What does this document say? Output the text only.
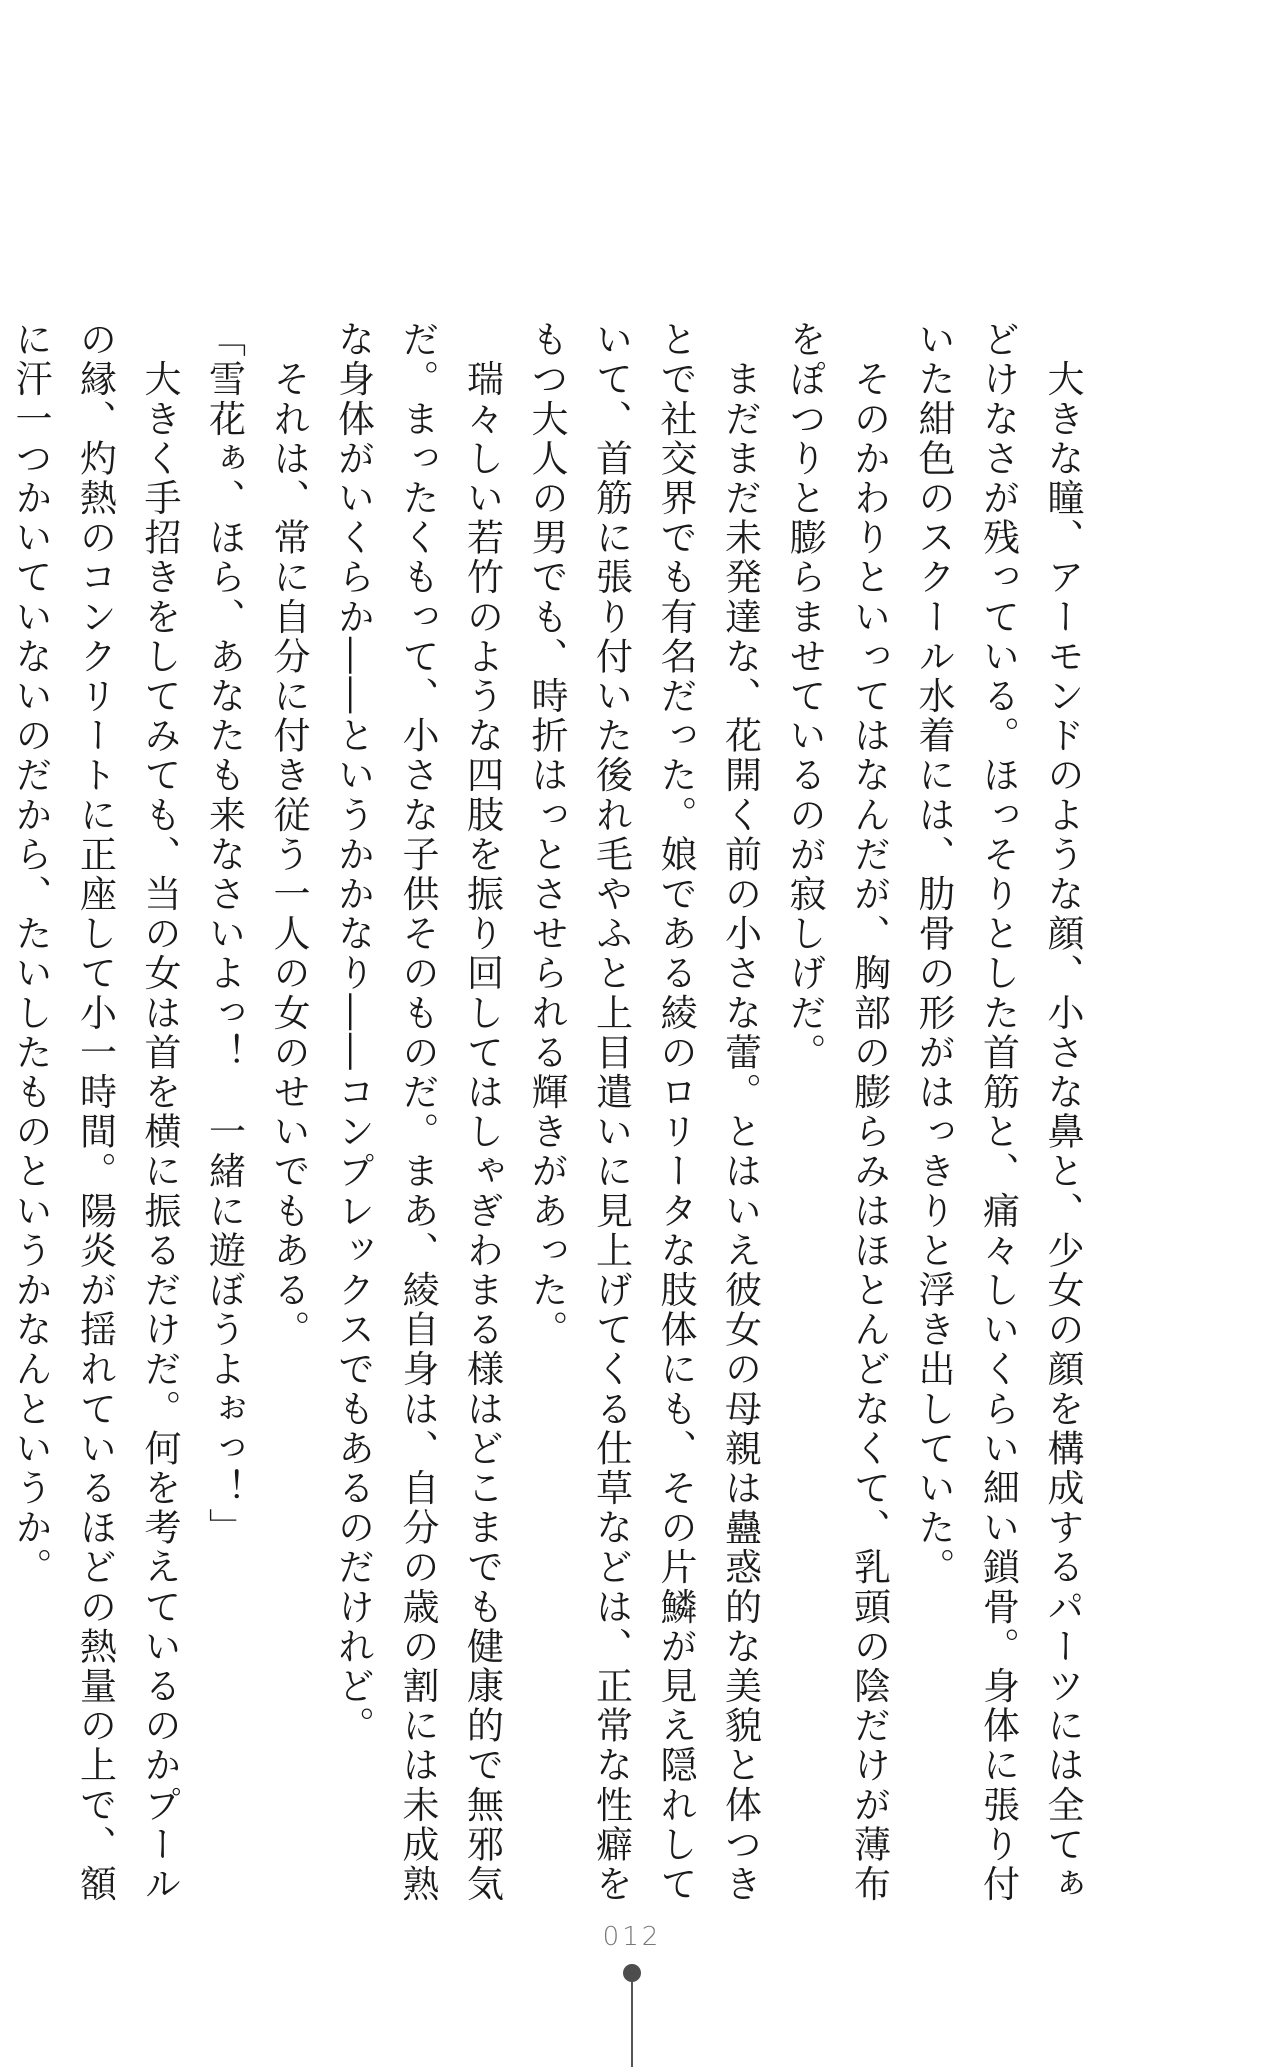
　大きな瞳、アーモンドのような顔、小さな鼻と、少女の顔を構成するパーツには全てぁ
どけなさが残っている。ほっそりとした首筋と、痛々しいくらい細い鎖骨。身体に張り付
いた紺色のスクール水着には、肋骨の形がはっきりと浮き出していた。
　そのかわりといってはなんだが、胸部の膨らみはほとんどなくて、乳頭の陰だけが薄布
をぽつりと膨らませているのが寂しげだ。
　まだまだ未発達な、花開く前の小さな蕾。とはいえ彼女の母親は蠱惑的な美貌と体つき
とで社交界でも有名だった。娘である綾のロリータな肢体にも、その片鱗が見え隠れして
いて、首筋に張り付いた後れ毛やふと上目遣いに見上げてくる仕草などは、正常な性癖を
もつ大人の男でも、時折はっとさせられる輝きがあった。
　瑞々しい若竹のような四肢を振り回してはしゃぎわまる様はどこまでも健康的で無邪気
だ。まったくもって、小さな子供そのものだ。まあ、綾自身は、自分の歳の割には未成熟
な身体がいくらか――というかかなり――コンプレックスでもあるのだけれど。
　それは、常に自分に付き従う一人の女のせいでもある。
「雪花ぁ、ほら、あなたも来なさいよっ！　一緒に遊ぼうよぉっ！」
　大きく手招きをしてみても、当の女は首を横に振るだけだ。何を考えているのかプール
の縁、灼熱のコンクリートに正座して小一時間。陽炎が揺れているほどの熱量の上で、額
に汗一つかいていないのだから、たいしたものというかなんというか。
012
